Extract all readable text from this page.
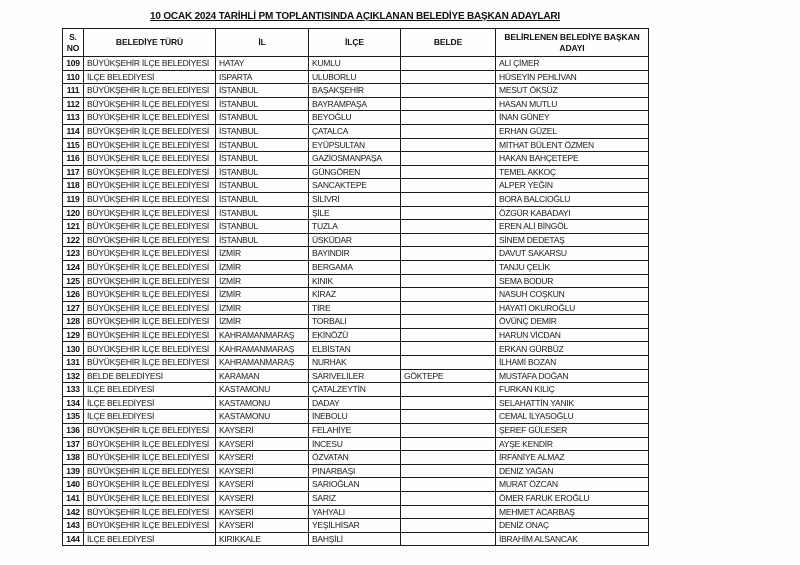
10 OCAK 2024 TARİHLİ PM TOPLANTISINDA AÇIKLANAN BELEDİYE BAŞKAN ADAYLARI
S. NO	BELEDİYE TÜRÜ	İL	İLÇE	BELDE	BELİRLENEN BELEDİYE BAŞKAN ADAYI
109	BÜYÜKŞEHİR İLÇE BELEDİYESİ	HATAY	KUMLU		ALİ ÇİMER
110	İLÇE BELEDİYESİ	ISPARTA	ULUBORLU		HÜSEYİN PEHLİVAN
111	BÜYÜKŞEHİR İLÇE BELEDİYESİ	İSTANBUL	BAŞAKŞEHİR		MESUT ÖKSÜZ
112	BÜYÜKŞEHİR İLÇE BELEDİYESİ	İSTANBUL	BAYRAMPAŞA		HASAN MUTLU
113	BÜYÜKŞEHİR İLÇE BELEDİYESİ	İSTANBUL	BEYOĞLU		İNAN GÜNEY
114	BÜYÜKŞEHİR İLÇE BELEDİYESİ	İSTANBUL	ÇATALCA		ERHAN GÜZEL
115	BÜYÜKŞEHİR İLÇE BELEDİYESİ	İSTANBUL	EYÜPSULTAN		MİTHAT BÜLENT ÖZMEN
116	BÜYÜKŞEHİR İLÇE BELEDİYESİ	İSTANBUL	GAZİOSMANPAŞA		HAKAN BAHÇETEPE
117	BÜYÜKŞEHİR İLÇE BELEDİYESİ	İSTANBUL	GÜNGÖREN		TEMEL AKKOÇ
118	BÜYÜKŞEHİR İLÇE BELEDİYESİ	İSTANBUL	SANCAKTEPE		ALPER YEĞİN
119	BÜYÜKŞEHİR İLÇE BELEDİYESİ	İSTANBUL	SİLİVRİ		BORA BALCIOĞLU
120	BÜYÜKŞEHİR İLÇE BELEDİYESİ	İSTANBUL	ŞİLE		ÖZGÜR KABADAYI
121	BÜYÜKŞEHİR İLÇE BELEDİYESİ	İSTANBUL	TUZLA		EREN ALİ BİNGÖL
122	BÜYÜKŞEHİR İLÇE BELEDİYESİ	İSTANBUL	ÜSKÜDAR		SİNEM DEDETAŞ
123	BÜYÜKŞEHİR İLÇE BELEDİYESİ	İZMİR	BAYINDIR		DAVUT SAKARSU
124	BÜYÜKŞEHİR İLÇE BELEDİYESİ	İZMİR	BERGAMA		TANJU ÇELİK
125	BÜYÜKŞEHİR İLÇE BELEDİYESİ	İZMİR	KINIK		SEMA BODUR
126	BÜYÜKŞEHİR İLÇE BELEDİYESİ	İZMİR	KİRAZ		NASUH COŞKUN
127	BÜYÜKŞEHİR İLÇE BELEDİYESİ	İZMİR	TİRE		HAYATİ OKUROĞLU
128	BÜYÜKŞEHİR İLÇE BELEDİYESİ	İZMİR	TORBALI		ÖVÜNÇ DEMİR
129	BÜYÜKŞEHİR İLÇE BELEDİYESİ	KAHRAMANMARAŞ	EKİNÖZÜ		HARUN VİCDAN
130	BÜYÜKŞEHİR İLÇE BELEDİYESİ	KAHRAMANMARAŞ	ELBİSTAN		ERKAN GÜRBÜZ
131	BÜYÜKŞEHİR İLÇE BELEDİYESİ	KAHRAMANMARAŞ	NURHAK		İLHAMİ BOZAN
132	BELDE BELEDİYESİ	KARAMAN	SARIVELİLER	GÖKTEPE	MUSTAFA DOĞAN
133	İLÇE BELEDİYESİ	KASTAMONU	ÇATALZEYTİN		FURKAN KILIÇ
134	İLÇE BELEDİYESİ	KASTAMONU	DADAY		SELAHATTİN YANIK
135	İLÇE BELEDİYESİ	KASTAMONU	İNEBOLU		CEMAL İLYASOĞLU
136	BÜYÜKŞEHİR İLÇE BELEDİYESİ	KAYSERİ	FELAHİYE		ŞEREF GÜLESER
137	BÜYÜKŞEHİR İLÇE BELEDİYESİ	KAYSERİ	İNCESU		AYŞE KENDİR
138	BÜYÜKŞEHİR İLÇE BELEDİYESİ	KAYSERİ	ÖZVATAN		İRFANİYE ALMAZ
139	BÜYÜKŞEHİR İLÇE BELEDİYESİ	KAYSERİ	PINARBAŞI		DENİZ YAĞAN
140	BÜYÜKŞEHİR İLÇE BELEDİYESİ	KAYSERİ	SARIOĞLAN		MURAT ÖZCAN
141	BÜYÜKŞEHİR İLÇE BELEDİYESİ	KAYSERİ	SARIZ		ÖMER FARUK EROĞLU
142	BÜYÜKŞEHİR İLÇE BELEDİYESİ	KAYSERİ	YAHYALI		MEHMET ACARBAŞ
143	BÜYÜKŞEHİR İLÇE BELEDİYESİ	KAYSERİ	YEŞİLHİSAR		DENİZ ONAÇ
144	İLÇE BELEDİYESİ	KIRIKKALE	BAHŞİLİ		İBRAHİM ALSANCAK
